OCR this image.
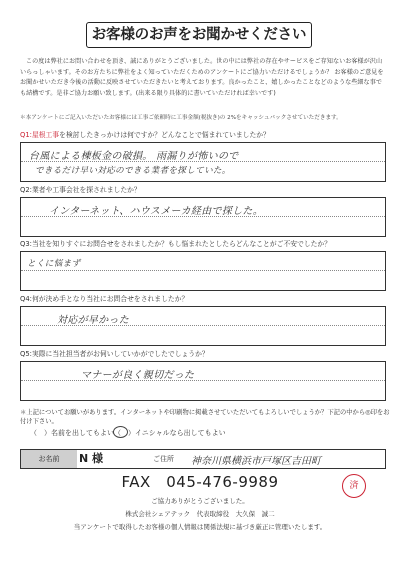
お客様のお声をお聞かせください

この度は弊社にお問い合わせを頂き、誠にありがとうございました。世の中には弊社の存在やサービスをご存知ないお客様が沢山いらっしゃいます。そのお方たちに弊社をよく知っていただくためのアンケートにご協力いただけるでしょうか？ お客様のご意見をお聞かせいただき今後の活動に反映させていただきたいと考えております。良かったこと、嬉しかったことなどのような些細な事でも結構です。是非ご協力お願い致します。(出来る限り具体的に書いていただければ幸いです)

＊本アンケートにご記入いただいたお客様には工事ご依頼時に工事金額(税抜き)の 2%をキャッシュバックさせていただきます。
Q1:屋根工事を検討したきっかけは何ですか？どんなことで悩まれていましたか？
台風による棟板金の破損。 雨漏りが怖いので
できるだけ早い対応のできる業者を探していた。
Q2:業者や工事会社を探されましたか？
インターネット、ハウスメーカ経由で探した。
Q3:当社を知りすぐにお問合せをされましたか？もし悩まれたとしたらどんなことがご不安でしたか？
とくに悩まず
Q4:何が決め手となり当社にお問合せをされましたか？
対応が早かった
Q5:実際に当社担当者がお伺いしていかがでしたでしょうか？
マナーが良く親切だった
＊上記についてお願いがあります。インターネットや印刷物に掲載させていただいてもよろしいでしょうか？下記の中から◎印をお付け下さい。
（　）名前を出してもよい （　）イニシャルなら出してもよい
お名前	N 様	ご住所 神奈川県横浜市戸塚区吉田町
FAX　045-476-9989	済
ご協力ありがとうございました。
株式会社シェアテック　代表取締役　大久保　誠二
当アンケートで取得したお客様の個人情報は関係法規に基づき厳正に管理いたします。
